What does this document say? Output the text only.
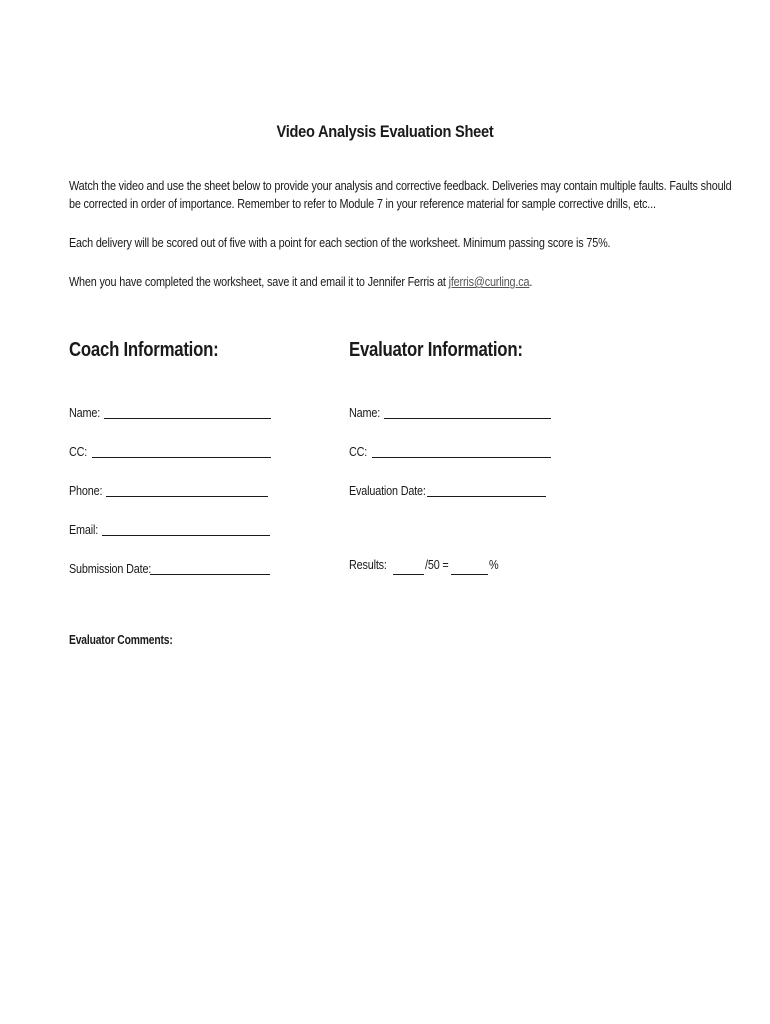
Video Analysis Evaluation Sheet
Watch the video and use the sheet below to provide your analysis and corrective feedback. Deliveries may contain multiple faults. Faults should
be corrected in order of importance. Remember to refer to Module 7 in your reference material for sample corrective drills, etc...
Each delivery will be scored out of five with a point for each section of the worksheet. Minimum passing score is 75%.
When you have completed the worksheet, save it and email it to Jennifer Ferris at jferris@curling.ca.
Coach Information:
Name:
CC:
Phone:
Email:
Submission Date:
Evaluator Information:
Name:
CC:
Evaluation Date:
Results:	/50 =	%
Evaluator Comments:
